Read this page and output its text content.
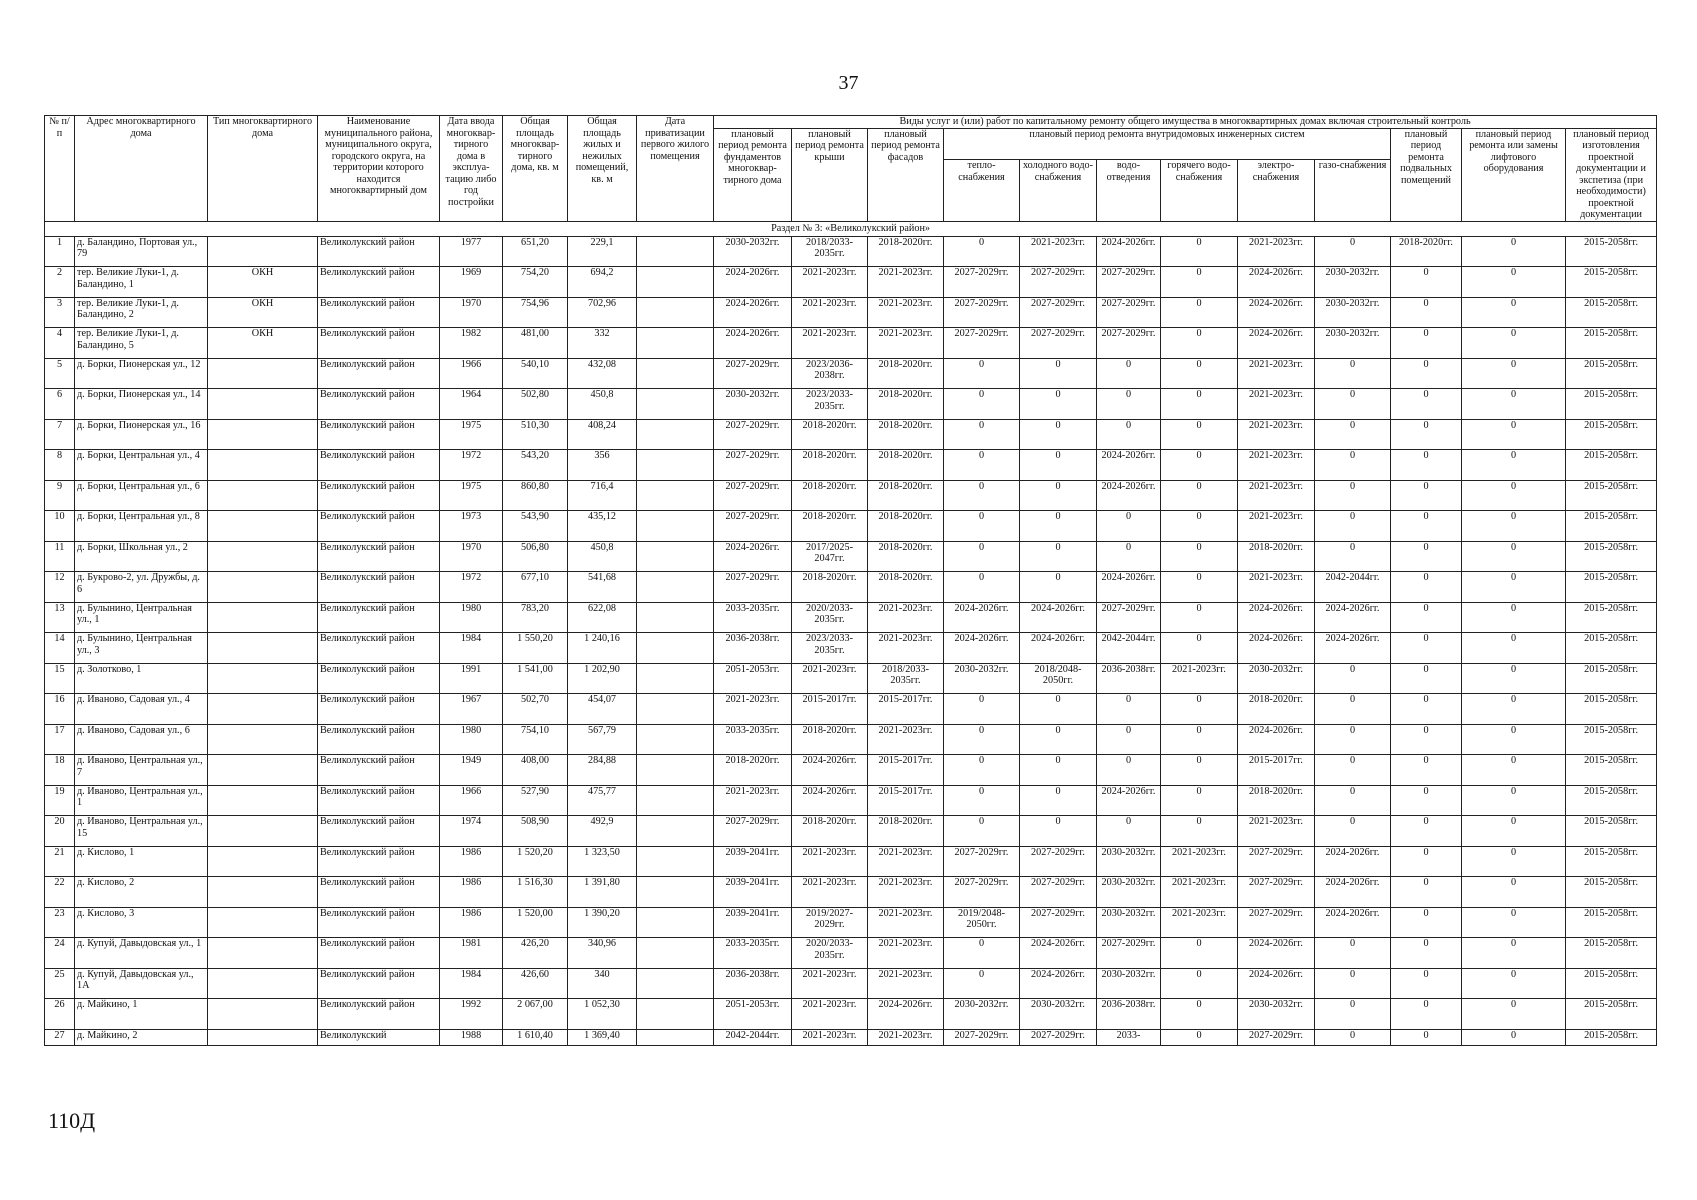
37
№ п/п	Адрес многоквартирного дома	Тип многоквартирного дома	Наименование муниципального района, муниципального округа, городского округа, на территории которого находится многоквартирный дом	Дата ввода многоквар-тирного дома в эксплуа-тацию либо год постройки	Общая площадь многоквар-тирного дома, кв. м	Общая площадь жилых и нежилых помещений, кв. м	Дата приватизации первого жилого помещения	Виды услуг и (или) работ по капитальному ремонту общего имущества в многоквартирных домах включая строительный контроль											
								плановый период ремонта фундаментов многоквар-тирного дома	плановый период ремонта крыши	плановый период ремонта фасадов	плановый период ремонта внутридомовых инженерных систем						плановый период ремонта подвальных помещений	плановый период ремонта или замены лифтового оборудования	плановый период изготовления проектной документации и экспетиза (при необходимости) проектной документации
											тепло-снабжения	холодного водо-снабжения	водо-отведения	горячего водо-снабжения	электро-снабжения	газо-снабжения			
Раздел № 3: «Великолукский район»																			
1	д. Баландино, Портовая ул., 79		Великолукский район	1977	651,20	229,1		2030-2032гг.	2018/2033-2035гг.	2018-2020гг.	0	2021-2023гг.	2024-2026гг.	0	2021-2023гг.	0	2018-2020гг.	0	2015-2058гг.
2	тер. Великие Луки-1, д. Баландино, 1	ОКН	Великолукский район	1969	754,20	694,2		2024-2026гг.	2021-2023гг.	2021-2023гг.	2027-2029гг.	2027-2029гг.	2027-2029гг.	0	2024-2026гг.	2030-2032гг.	0	0	2015-2058гг.
3	тер. Великие Луки-1, д. Баландино, 2	ОКН	Великолукский район	1970	754,96	702,96		2024-2026гг.	2021-2023гг.	2021-2023гг.	2027-2029гг.	2027-2029гг.	2027-2029гг.	0	2024-2026гг.	2030-2032гг.	0	0	2015-2058гг.
4	тер. Великие Луки-1, д. Баландино, 5	ОКН	Великолукский район	1982	481,00	332		2024-2026гг.	2021-2023гг.	2021-2023гг.	2027-2029гг.	2027-2029гг.	2027-2029гг.	0	2024-2026гг.	2030-2032гг.	0	0	2015-2058гг.
5	д. Борки, Пионерская ул., 12		Великолукский район	1966	540,10	432,08		2027-2029гг.	2023/2036-2038гг.	2018-2020гг.	0	0	0	0	2021-2023гг.	0	0	0	2015-2058гг.
6	д. Борки, Пионерская ул., 14		Великолукский район	1964	502,80	450,8		2030-2032гг.	2023/2033-2035гг.	2018-2020гг.	0	0	0	0	2021-2023гг.	0	0	0	2015-2058гг.
7	д. Борки, Пионерская ул., 16		Великолукский район	1975	510,30	408,24		2027-2029гг.	2018-2020гг.	2018-2020гг.	0	0	0	0	2021-2023гг.	0	0	0	2015-2058гг.
8	д. Борки, Центральная ул., 4		Великолукский район	1972	543,20	356		2027-2029гг.	2018-2020гг.	2018-2020гг.	0	0	2024-2026гг.	0	2021-2023гг.	0	0	0	2015-2058гг.
9	д. Борки, Центральная ул., 6		Великолукский район	1975	860,80	716,4		2027-2029гг.	2018-2020гг.	2018-2020гг.	0	0	2024-2026гг.	0	2021-2023гг.	0	0	0	2015-2058гг.
10	д. Борки, Центральная ул., 8		Великолукский район	1973	543,90	435,12		2027-2029гг.	2018-2020гг.	2018-2020гг.	0	0	0	0	2021-2023гг.	0	0	0	2015-2058гг.
11	д. Борки, Школьная ул., 2		Великолукский район	1970	506,80	450,8		2024-2026гг.	2017/2025-2047гг.	2018-2020гг.	0	0	0	0	2018-2020гг.	0	0	0	2015-2058гг.
12	д. Букрово-2, ул. Дружбы, д. 6		Великолукский район	1972	677,10	541,68		2027-2029гг.	2018-2020гг.	2018-2020гг.	0	0	2024-2026гг.	0	2021-2023гг.	2042-2044гг.	0	0	2015-2058гг.
13	д. Булынино, Центральная ул., 1		Великолукский район	1980	783,20	622,08		2033-2035гг.	2020/2033-2035гг.	2021-2023гг.	2024-2026гг.	2024-2026гг.	2027-2029гг.	0	2024-2026гг.	2024-2026гг.	0	0	2015-2058гг.
14	д. Булынино, Центральная ул., 3		Великолукский район	1984	1 550,20	1 240,16		2036-2038гг.	2023/2033-2035гг.	2021-2023гг.	2024-2026гг.	2024-2026гг.	2042-2044гг.	0	2024-2026гг.	2024-2026гг.	0	0	2015-2058гг.
15	д. Золотково, 1		Великолукский район	1991	1 541,00	1 202,90		2051-2053гг.	2021-2023гг.	2018/2033-2035гг.	2030-2032гг.	2018/2048-2050гг.	2036-2038гг.	2021-2023гг.	2030-2032гг.	0	0	0	2015-2058гг.
16	д. Иваново, Садовая ул., 4		Великолукский район	1967	502,70	454,07		2021-2023гг.	2015-2017гг.	2015-2017гг.	0	0	0	0	2018-2020гг.	0	0	0	2015-2058гг.
17	д. Иваново, Садовая ул., 6		Великолукский район	1980	754,10	567,79		2033-2035гг.	2018-2020гг.	2021-2023гг.	0	0	0	0	2024-2026гг.	0	0	0	2015-2058гг.
18	д. Иваново, Центральная ул., 7		Великолукский район	1949	408,00	284,88		2018-2020гг.	2024-2026гг.	2015-2017гг.	0	0	0	0	2015-2017гг.	0	0	0	2015-2058гг.
19	д. Иваново, Центральная ул., 1		Великолукский район	1966	527,90	475,77		2021-2023гг.	2024-2026гг.	2015-2017гг.	0	0	2024-2026гг.	0	2018-2020гг.	0	0	0	2015-2058гг.
20	д. Иваново, Центральная ул., 15		Великолукский район	1974	508,90	492,9		2027-2029гг.	2018-2020гг.	2018-2020гг.	0	0	0	0	2021-2023гг.	0	0	0	2015-2058гг.
21	д. Кислово, 1		Великолукский район	1986	1 520,20	1 323,50		2039-2041гг.	2021-2023гг.	2021-2023гг.	2027-2029гг.	2027-2029гг.	2030-2032гг.	2021-2023гг.	2027-2029гг.	2024-2026гг.	0	0	2015-2058гг.
22	д. Кислово, 2		Великолукский район	1986	1 516,30	1 391,80		2039-2041гг.	2021-2023гг.	2021-2023гг.	2027-2029гг.	2027-2029гг.	2030-2032гг.	2021-2023гг.	2027-2029гг.	2024-2026гг.	0	0	2015-2058гг.
23	д. Кислово, 3		Великолукский район	1986	1 520,00	1 390,20		2039-2041гг.	2019/2027-2029гг.	2021-2023гг.	2019/2048-2050гг.	2027-2029гг.	2030-2032гг.	2021-2023гг.	2027-2029гг.	2024-2026гг.	0	0	2015-2058гг.
24	д. Купуй, Давыдовская ул., 1		Великолукский район	1981	426,20	340,96		2033-2035гг.	2020/2033-2035гг.	2021-2023гг.	0	2024-2026гг.	2027-2029гг.	0	2024-2026гг.	0	0	0	2015-2058гг.
25	д. Купуй, Давыдовская ул., 1А		Великолукский район	1984	426,60	340		2036-2038гг.	2021-2023гг.	2021-2023гг.	0	2024-2026гг.	2030-2032гг.	0	2024-2026гг.	0	0	0	2015-2058гг.
26	д. Майкино, 1		Великолукский район	1992	2 067,00	1 052,30		2051-2053гг.	2021-2023гг.	2024-2026гг.	2030-2032гг.	2030-2032гг.	2036-2038гг.	0	2030-2032гг.	0	0	0	2015-2058гг.
27	д. Майкино, 2		Великолукский	1988	1 610,40	1 369,40		2042-2044гг.	2021-2023гг.	2021-2023гг.	2027-2029гг.	2027-2029гг.	2033-	0	2027-2029гг.	0	0	0	2015-2058гг.
110Д
